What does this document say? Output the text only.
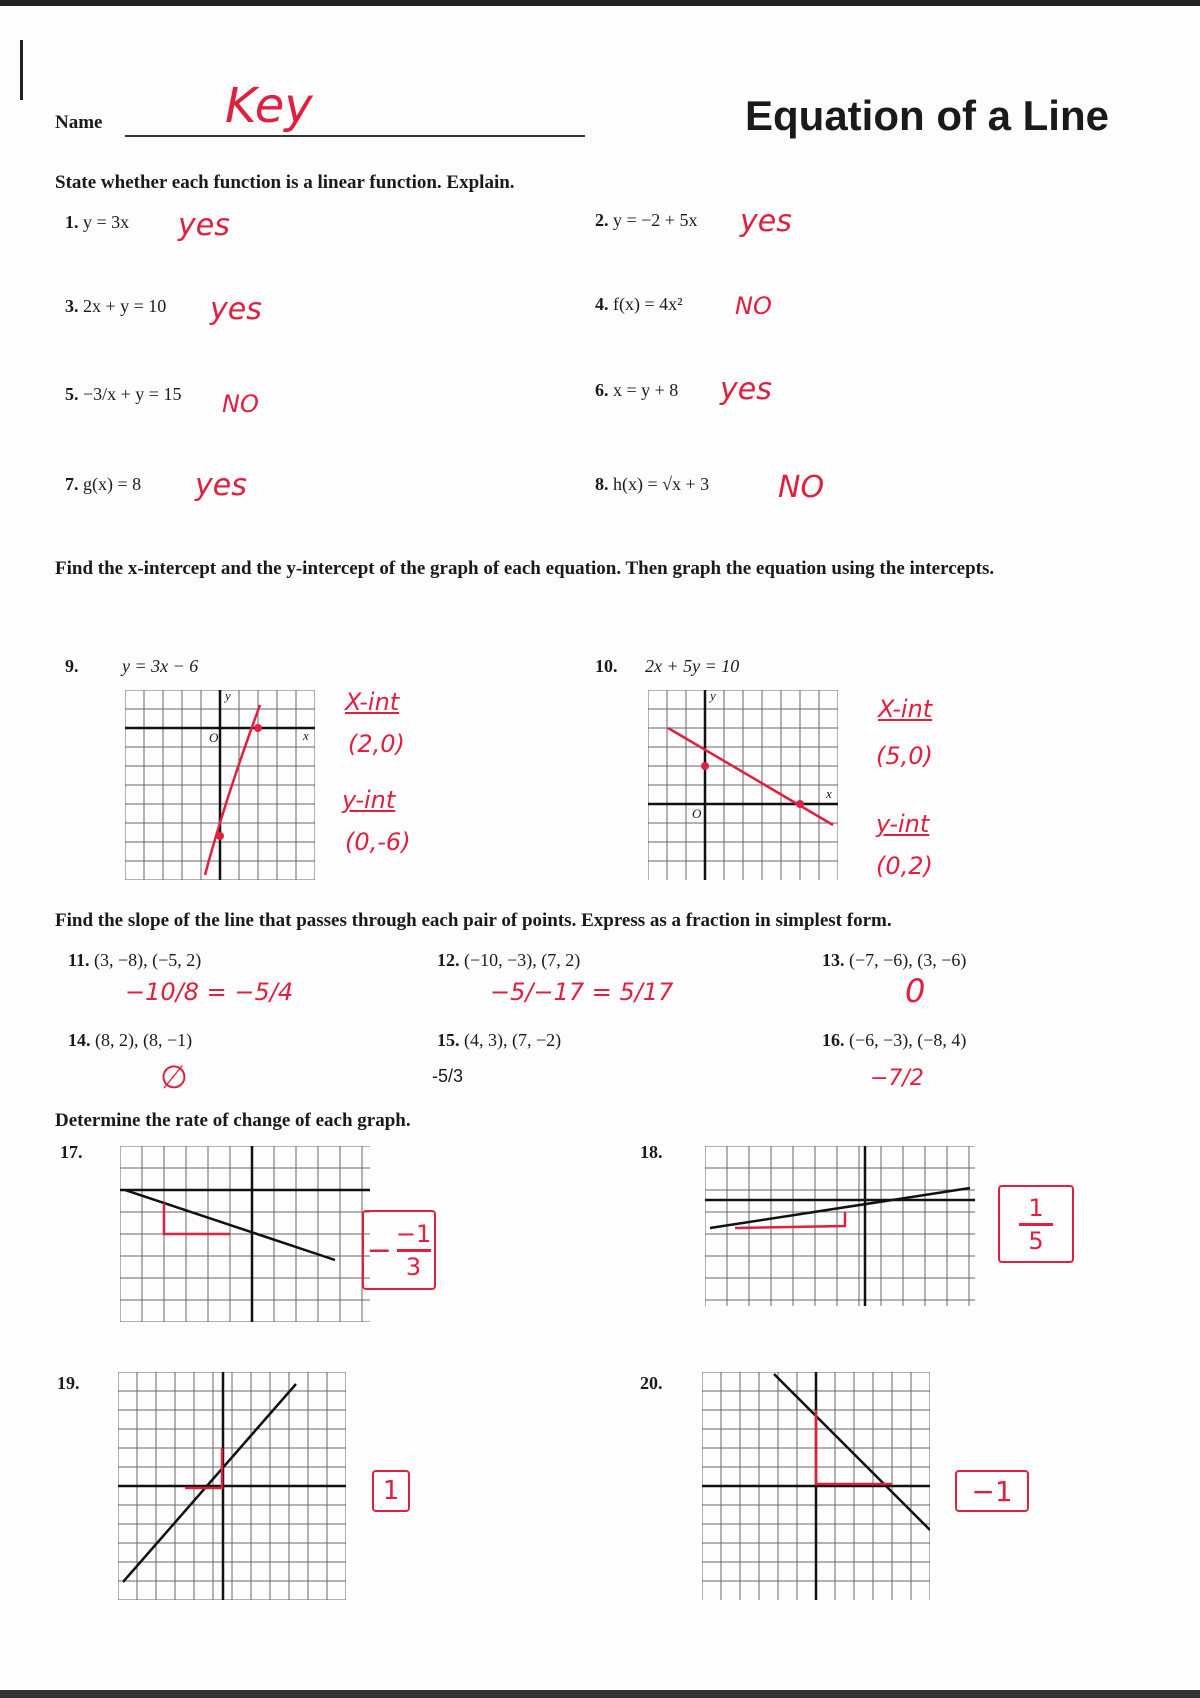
Name	Key	Equation of a Line
State whether each function is a linear function. Explain.
1. y = 3x yes	2. y = −2 + 5x yes
3. 2x + y = 10 yes	4. f(x) = 4x² NO
5. −3/x + y = 15 NO	6. x = y + 8 yes
7. g(x) = 8 yes	8. h(x) = √x + 3 NO
Find the x-intercept and the y-intercept of the graph of each equation. Then graph the equation using the intercepts.
9. y = 3x − 6	10. 2x + 5y = 10
O
y
x
X-int
(2,0)
y-int
(0,-6)
O
y
x
X-int
(5,0)
y-int
(0,2)
Find the slope of the line that passes through each pair of points. Express as a fraction in simplest form.
11. (3, −8), (−5, 2)
−10/8 = −5/4
12. (−10, −3), (7, 2)
−5/−17 = 5/17
13. (−7, −6), (3, −6)
0
14. (8, 2), (8, −1)
∅
15. (4, 3), (7, −2)
-5/3
16. (−6, −3), (−8, 4)
−7/2
Determine the rate of change of each graph.
17.
− $\frac{-1}{3}$
18.
$\frac{1}{5}$
19.
1
20.
−1
